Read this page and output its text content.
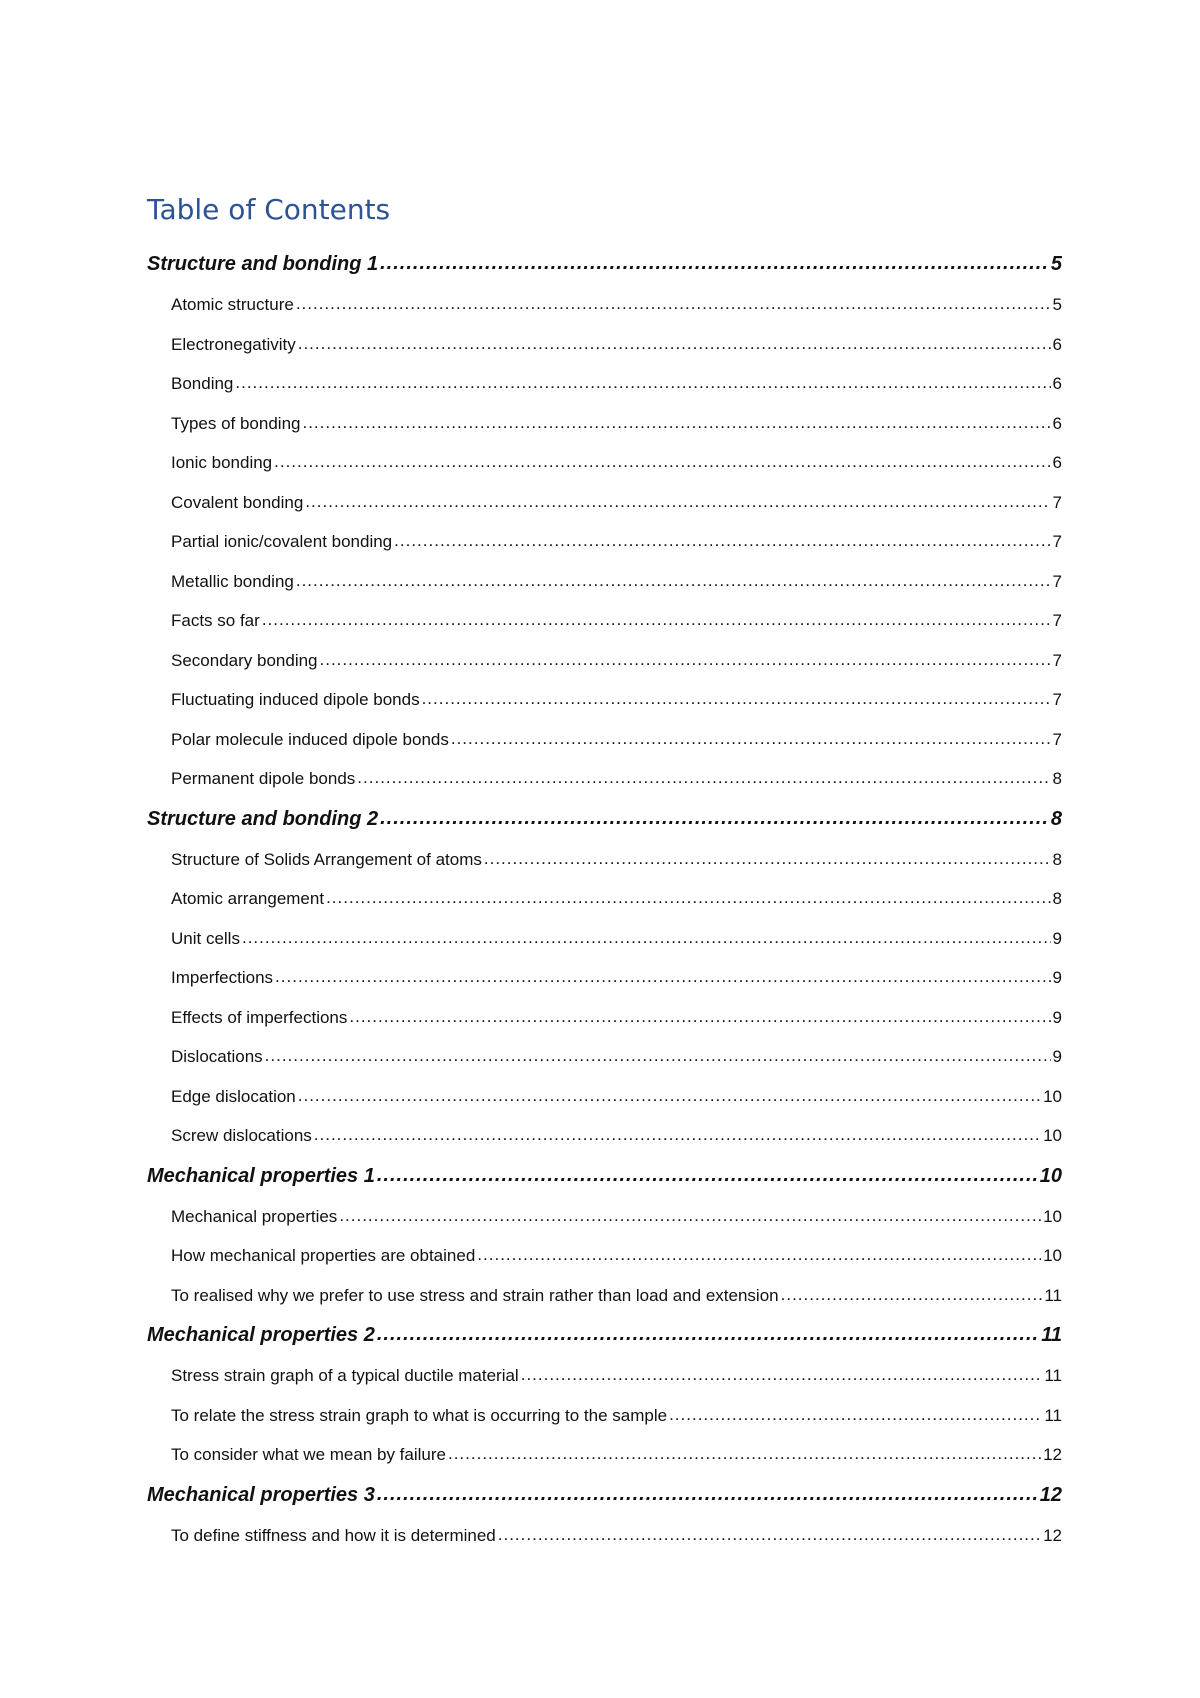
Table of Contents
Structure and bonding 1 .....	5
Atomic structure .....	5
Electronegativity .....	6
Bonding .....	6
Types of bonding .....	6
Ionic bonding .....	6
Covalent bonding .....	7
Partial ionic/covalent bonding .....	7
Metallic bonding .....	7
Facts so far .....	7
Secondary bonding .....	7
Fluctuating induced dipole bonds .....	7
Polar molecule induced dipole bonds .....	7
Permanent dipole bonds .....	8
Structure and bonding 2 .....	8
Structure of Solids Arrangement of atoms .....	8
Atomic arrangement .....	8
Unit cells .....	9
Imperfections .....	9
Effects of imperfections .....	9
Dislocations .....	9
Edge dislocation .....	10
Screw dislocations .....	10
Mechanical properties 1 .....	10
Mechanical properties .....	10
How mechanical properties are obtained .....	10
To realised why we prefer to use stress and strain rather than load and extension .....	11
Mechanical properties 2 .....	11
Stress strain graph of a typical ductile material .....	11
To relate the stress strain graph to what is occurring to the sample .....	11
To consider what we mean by failure .....	12
Mechanical properties 3 .....	12
To define stiffness and how it is determined .....	12
